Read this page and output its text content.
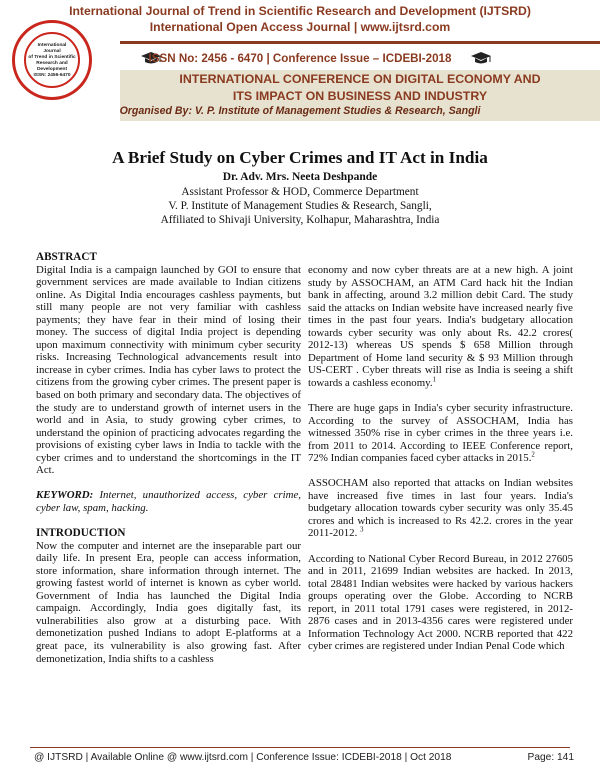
International Journal of Trend in Scientific Research and Development (IJTSRD)
International Open Access Journal | www.ijtsrd.com
International
Journal
of Trend in Scientific
Research and
Development
ISSN: 2456-6470
ISSN No: 2456 - 6470 | Conference Issue – ICDEBI-2018
INTERNATIONAL CONFERENCE ON DIGITAL ECONOMY AND
ITS IMPACT ON BUSINESS AND INDUSTRY
Organised By: V. P. Institute of Management Studies & Research, Sangli
A Brief Study on Cyber Crimes and IT Act in India
Dr. Adv. Mrs. Neeta Deshpande
Assistant Professor & HOD, Commerce Department
V. P. Institute of Management Studies & Research, Sangli,
Affiliated to Shivaji University, Kolhapur, Maharashtra, India
ABSTRACT
Digital India is a campaign launched by GOI to ensure that government services are made available to Indian citizens online. As Digital India encourages cashless payments, but still many people are not very familiar with cashless payments; they have fear in their mind of losing their money. The success of digital India project is depending upon maximum connectivity with minimum cyber security risks. Increasing Technological advancements result into increase in cyber crimes. India has cyber laws to protect the citizens from the growing cyber crimes. The present paper is based on both primary and secondary data. The objectives of the study are to understand growth of internet users in the world and in Asia, to study growing cyber crimes, to understand the opinion of practicing advocates regarding the provisions of existing cyber laws in India to tackle with the cyber crimes and to understand the shortcomings in the IT Act.
KEYWORD: Internet, unauthorized access, cyber crime, cyber law, spam, hacking.
INTRODUCTION
Now the computer and internet are the inseparable part our daily life. In present Era, people can access information, store information, share information through internet. The growing fastest world of internet is known as cyber world. Government of India has launched the Digital India campaign. Accordingly, India goes digitally fast, its vulnerabilities also grow at a disturbing pace. With demonetization pushed Indians to adopt E-platforms at a great pace, its vulnerability is also growing fast. After demonetization, India shifts to a cashless
economy and now cyber threats are at a new high. A joint study by ASSOCHAM, an ATM Card hack hit the Indian bank in affecting, around 3.2 million debit Card. The study said the attacks on Indian website have increased nearly five times in the past four years. India's budgetary allocation towards cyber security was only about Rs. 42.2 crores( 2012-13) whereas US spends $ 658 Million through Department of Home land security & $ 93 Million through US-CERT . Cyber threats will rise as India is seeing a shift towards a cashless economy.$^1$
There are huge gaps in India's cyber security infrastructure. According to the survey of ASSOCHAM, India has witnessed 350% rise in cyber crimes in the three years i.e. from 2011 to 2014. According to IEEE Conference report, 72% Indian companies faced cyber attacks in 2015.$^2$
ASSOCHAM also reported that attacks on Indian websites have increased five times in last four years. India's budgetary allocation towards cyber security was only 35.45 crores and which is increased to Rs 42.2. crores in the year 2011-2012. $^3$
According to National Cyber Record Bureau, in 2012 27605 and in 2011, 21699 Indian websites are hacked. In 2013, total 28481 Indian websites were hacked by various hackers groups operating over the Globe. According to NCRB report, in 2011 total 1791 cases were registered, in 2012-2876 cases and in 2013-4356 cares were registered under Information Technology Act 2000. NCRB reported that 422 cyber crimes are registered under Indian Penal Code which
@ IJTSRD | Available Online @ www.ijtsrd.com | Conference Issue: ICDEBI-2018 | Oct 2018	Page: 141
